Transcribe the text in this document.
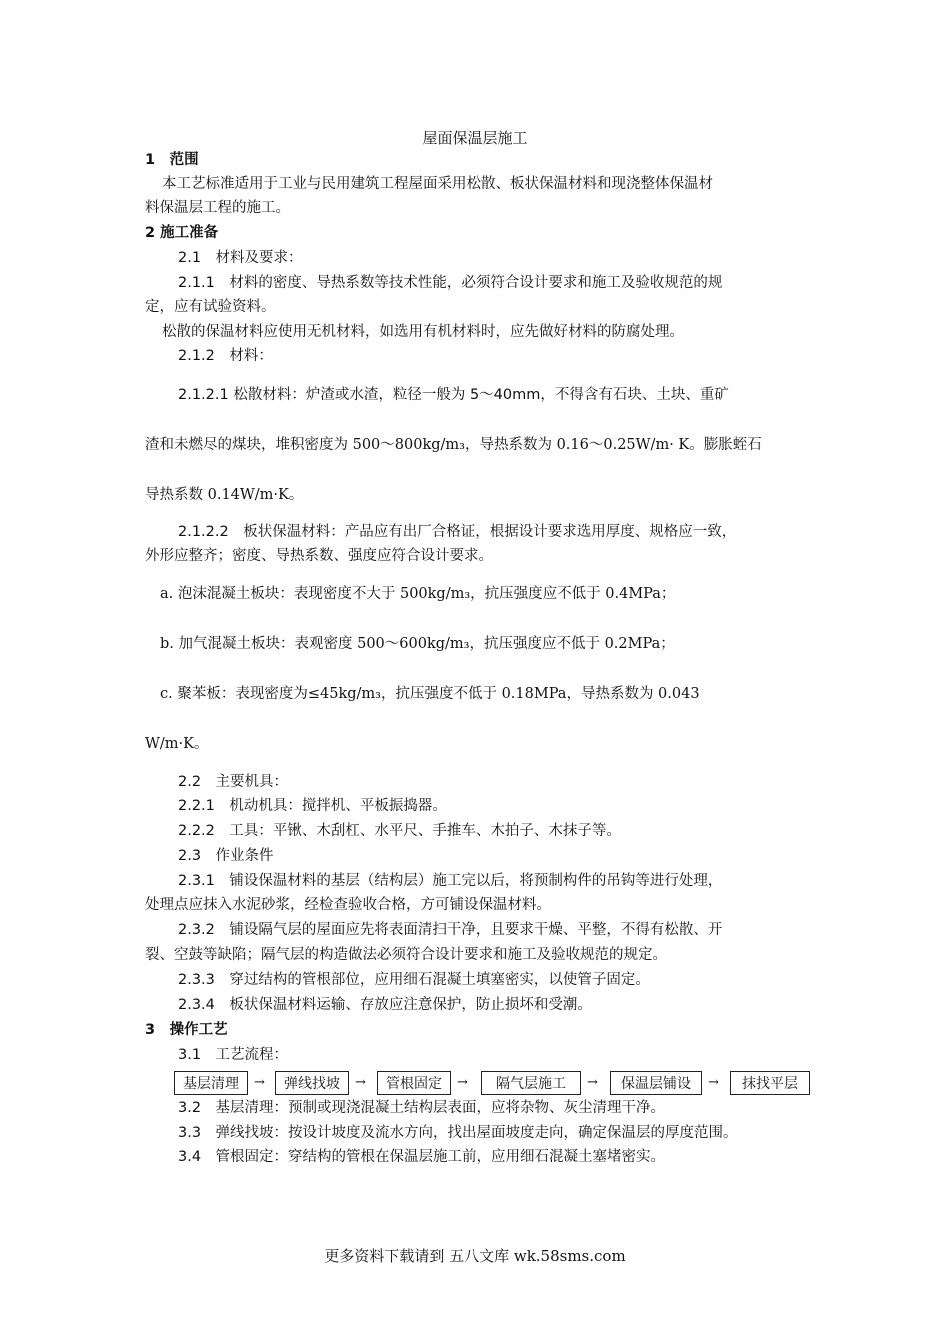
屋面保温层施工
1　范围
本工艺标准适用于工业与民用建筑工程屋面采用松散、板状保温材料和现浇整体保温材
料保温层工程的施工。
2 施工准备
2.1　材料及要求：
2.1.1　材料的密度、导热系数等技术性能，必须符合设计要求和施工及验收规范的规
定，应有试验资料。
松散的保温材料应使用无机材料，如选用有机材料时，应先做好材料的防腐处理。
2.1.2　材料：
2.1.2.1 松散材料：炉渣或水渣，粒径一般为 5～40mm，不得含有石块、土块、重矿
渣和未燃尽的煤块，堆积密度为 500～800kg/m₃，导热系数为 0.16～0.25W/m· K。膨胀蛭石
导热系数 0.14W/m·K。
2.1.2.2　板状保温材料：产品应有出厂合格证，根据设计要求选用厚度、规格应一致，
外形应整齐；密度、导热系数、强度应符合设计要求。
a. 泡沫混凝土板块：表现密度不大于 500kg/m₃，抗压强度应不低于 0.4MPa；
b. 加气混凝土板块：表观密度 500～600kg/m₃，抗压强度应不低于 0.2MPa；
c. 聚苯板：表现密度为≤45kg/m₃，抗压强度不低于 0.18MPa，导热系数为 0.043
W/m·K。
2.2　主要机具：
2.2.1　机动机具：搅拌机、平板振捣器。
2.2.2　工具：平锹、木刮杠、水平尺、手推车、木拍子、木抹子等。
2.3　作业条件
2.3.1　铺设保温材料的基层（结构层）施工完以后，将预制构件的吊钩等进行处理，
处理点应抹入水泥砂浆，经检查验收合格，方可铺设保温材料。
2.3.2　铺设隔气层的屋面应先将表面清扫干净，且要求干燥、平整，不得有松散、开
裂、空鼓等缺陷；隔气层的构造做法必须符合设计要求和施工及验收规范的规定。
2.3.3　穿过结构的管根部位，应用细石混凝土填塞密实，以使管子固定。
2.3.4　板状保温材料运输、存放应注意保护，防止损坏和受潮。
3　操作工艺
3.1　工艺流程：
基层清理	→	弹线找坡	→	管根固定	→	隔气层施工	→	保温层铺设	→	抹找平层
3.2　基层清理：预制或现浇混凝土结构层表面，应将杂物、灰尘清理干净。
3.3　弹线找坡：按设计坡度及流水方向，找出屋面坡度走向，确定保温层的厚度范围。
3.4　管根固定：穿结构的管根在保温层施工前，应用细石混凝土塞堵密实。
更多资料下载请到 五八文库 wk.58sms.com
